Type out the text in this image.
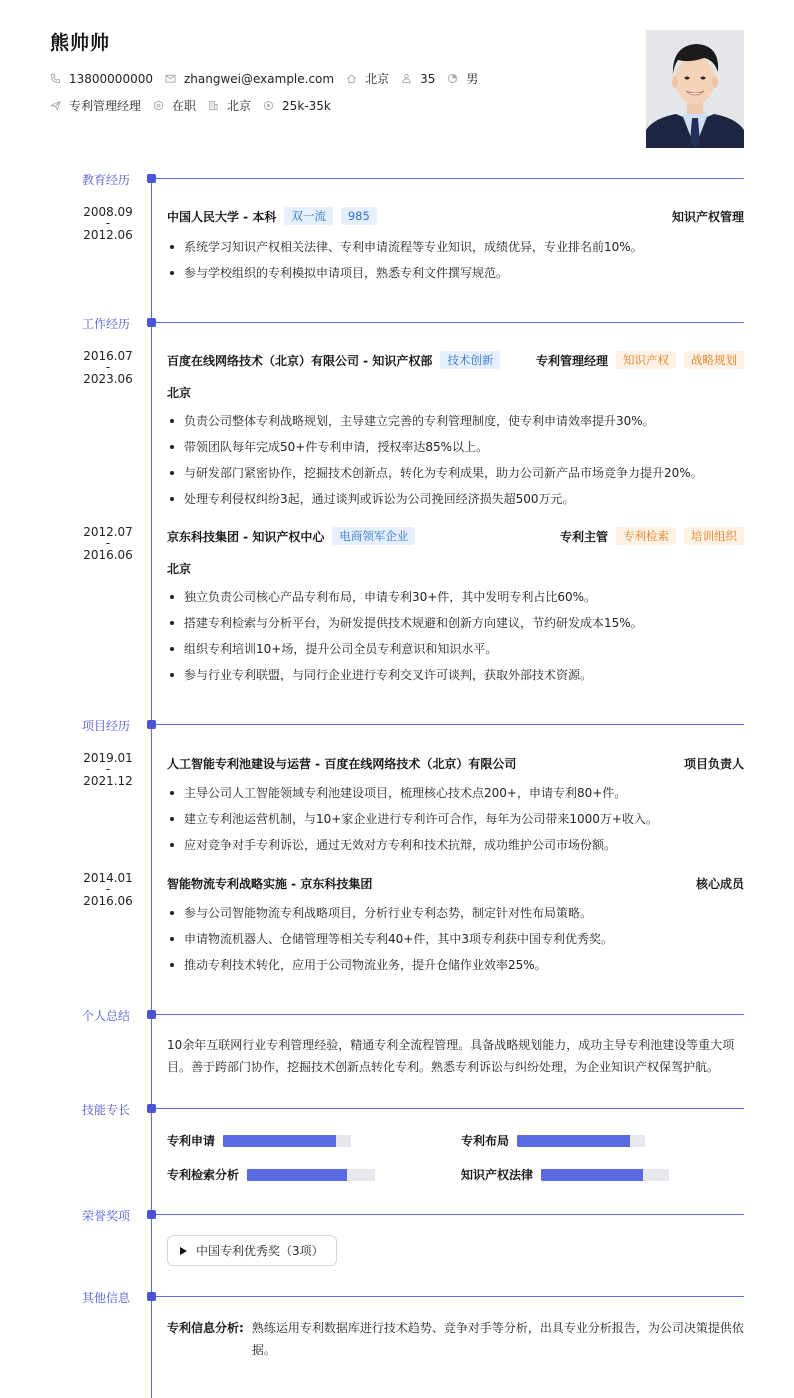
熊帅帅
13800000000	zhangwei@example.com	北京	35	男
专利管理经理	在职	北京	25k-35k
教育经历
2008.09
-
2012.06
中国人民大学 - 本科	双一流	985	知识产权管理
系统学习知识产权相关法律、专利申请流程等专业知识，成绩优异，专业排名前10%。
参与学校组织的专利模拟申请项目，熟悉专利文件撰写规范。
工作经历
2016.07
-
2023.06
百度在线网络技术（北京）有限公司 - 知识产权部	技术创新	专利管理经理	知识产权	战略规划
北京
负责公司整体专利战略规划，主导建立完善的专利管理制度，使专利申请效率提升30%。
带领团队每年完成50+件专利申请，授权率达85%以上。
与研发部门紧密协作，挖掘技术创新点，转化为专利成果，助力公司新产品市场竞争力提升20%。
处理专利侵权纠纷3起，通过谈判或诉讼为公司挽回经济损失超500万元。
2012.07
-
2016.06
京东科技集团 - 知识产权中心	电商领军企业	专利主管	专利检索	培训组织
北京
独立负责公司核心产品专利布局，申请专利30+件，其中发明专利占比60%。
搭建专利检索与分析平台，为研发提供技术规避和创新方向建议，节约研发成本15%。
组织专利培训10+场，提升公司全员专利意识和知识水平。
参与行业专利联盟，与同行企业进行专利交叉许可谈判，获取外部技术资源。
项目经历
2019.01
-
2021.12
人工智能专利池建设与运营 - 百度在线网络技术（北京）有限公司	项目负责人
主导公司人工智能领域专利池建设项目，梳理核心技术点200+，申请专利80+件。
建立专利池运营机制，与10+家企业进行专利许可合作，每年为公司带来1000万+收入。
应对竞争对手专利诉讼，通过无效对方专利和技术抗辩，成功维护公司市场份额。
2014.01
-
2016.06
智能物流专利战略实施 - 京东科技集团	核心成员
参与公司智能物流专利战略项目，分析行业专利态势，制定针对性布局策略。
申请物流机器人、仓储管理等相关专利40+件，其中3项专利获中国专利优秀奖。
推动专利技术转化，应用于公司物流业务，提升仓储作业效率25%。
个人总结
10余年互联网行业专利管理经验，精通专利全流程管理。具备战略规划能力，成功主导专利池建设等重大项
目。善于跨部门协作，挖掘技术创新点转化专利。熟悉专利诉讼与纠纷处理，为企业知识产权保驾护航。
技能专长
专利申请	专利布局
专利检索分析	知识产权法律
荣誉奖项
中国专利优秀奖（3项）
其他信息
专利信息分析: 熟练运用专利数据库进行技术趋势、竞争对手等分析，出具专业分析报告，为公司决策提供依
据。
